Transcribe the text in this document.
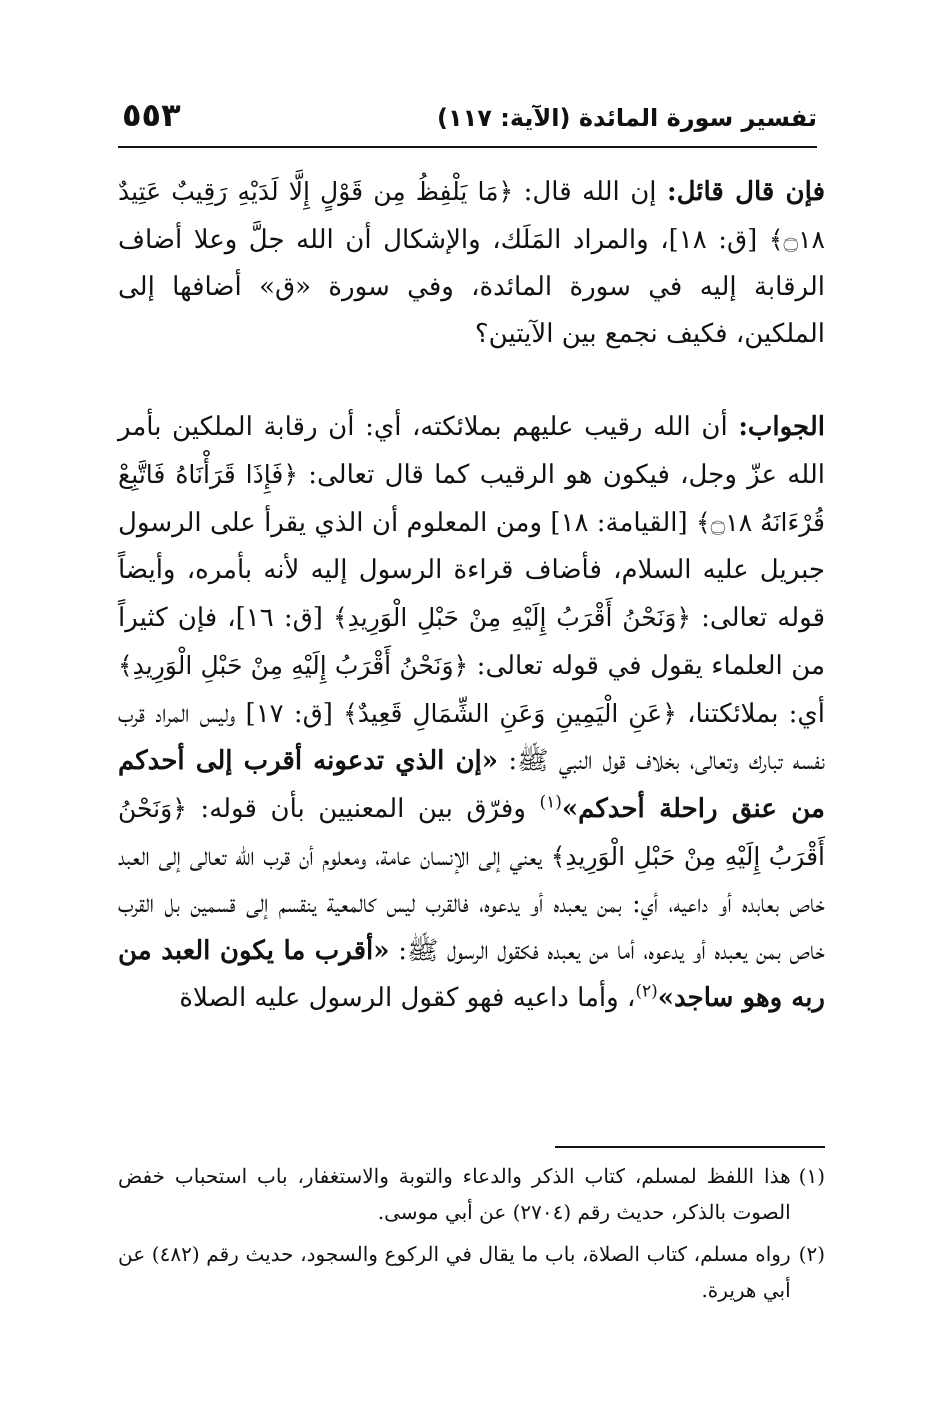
تفسير سورة المائدة (الآية: ١١٧)
٥٥٣

فإن قال قائل: إن الله قال: ﴿مَا يَلْفِظُ مِن قَوْلٍ إِلَّا لَدَيْهِ رَقِيبٌ عَتِيدٌ ۝١٨﴾ [ق: ١٨]، والمراد المَلَك، والإشكال أن الله جلَّ وعلا أضاف الرقابة إليه في سورة المائدة، وفي سورة «ق» أضافها إلى الملكين، فكيف نجمع بين الآيتين؟

الجواب: أن الله رقيب عليهم بملائكته، أي: أن رقابة الملكين بأمر الله عزّ وجل، فيكون هو الرقيب كما قال تعالى: ﴿فَإِذَا قَرَأْنَاهُ فَاتَّبِعْ قُرْءَانَهُ ۝١٨﴾ [القيامة: ١٨] ومن المعلوم أن الذي يقرأ على الرسول جبريل عليه السلام، فأضاف قراءة الرسول إليه لأنه بأمره، وأيضاً قوله تعالى: ﴿وَنَحْنُ أَقْرَبُ إِلَيْهِ مِنْ حَبْلِ الْوَرِيدِ﴾ [ق: ١٦]، فإن كثيراً من العلماء يقول في قوله تعالى: ﴿وَنَحْنُ أَقْرَبُ إِلَيْهِ مِنْ حَبْلِ الْوَرِيدِ﴾ أي: بملائكتنا، ﴿عَنِ الْيَمِينِ وَعَنِ الشِّمَالِ قَعِيدٌ﴾ [ق: ١٧] وليس المراد قرب نفسه تبارك وتعالى، بخلاف قول النبي ﷺ: «إن الذي تدعونه أقرب إلى أحدكم من عنق راحلة أحدكم»$^{(١)}$ وفرّق بين المعنيين بأن قوله: ﴿وَنَحْنُ أَقْرَبُ إِلَيْهِ مِنْ حَبْلِ الْوَرِيدِ﴾ يعني إلى الإنسان عامة، ومعلوم أن قرب الله تعالى إلى العبد خاص بعابده أو داعيه، أي: بمن يعبده أو يدعوه، فالقرب ليس كالمعية ينقسم إلى قسمين بل القرب خاص بمن يعبده أو يدعوه، أما من يعبده فكقول الرسول ﷺ: «أقرب ما يكون العبد من ربه وهو ساجد»$^{(٢)}$، وأما داعيه فهو كقول الرسول عليه الصلاة

(١)
هذا اللفظ لمسلم، كتاب الذكر والدعاء والتوبة والاستغفار، باب استحباب خفض الصوت بالذكر، حديث رقم (٢٧٠٤) عن أبي موسى.
(٢)
رواه مسلم، كتاب الصلاة، باب ما يقال في الركوع والسجود، حديث رقم (٤٨٢) عن أبي هريرة.
